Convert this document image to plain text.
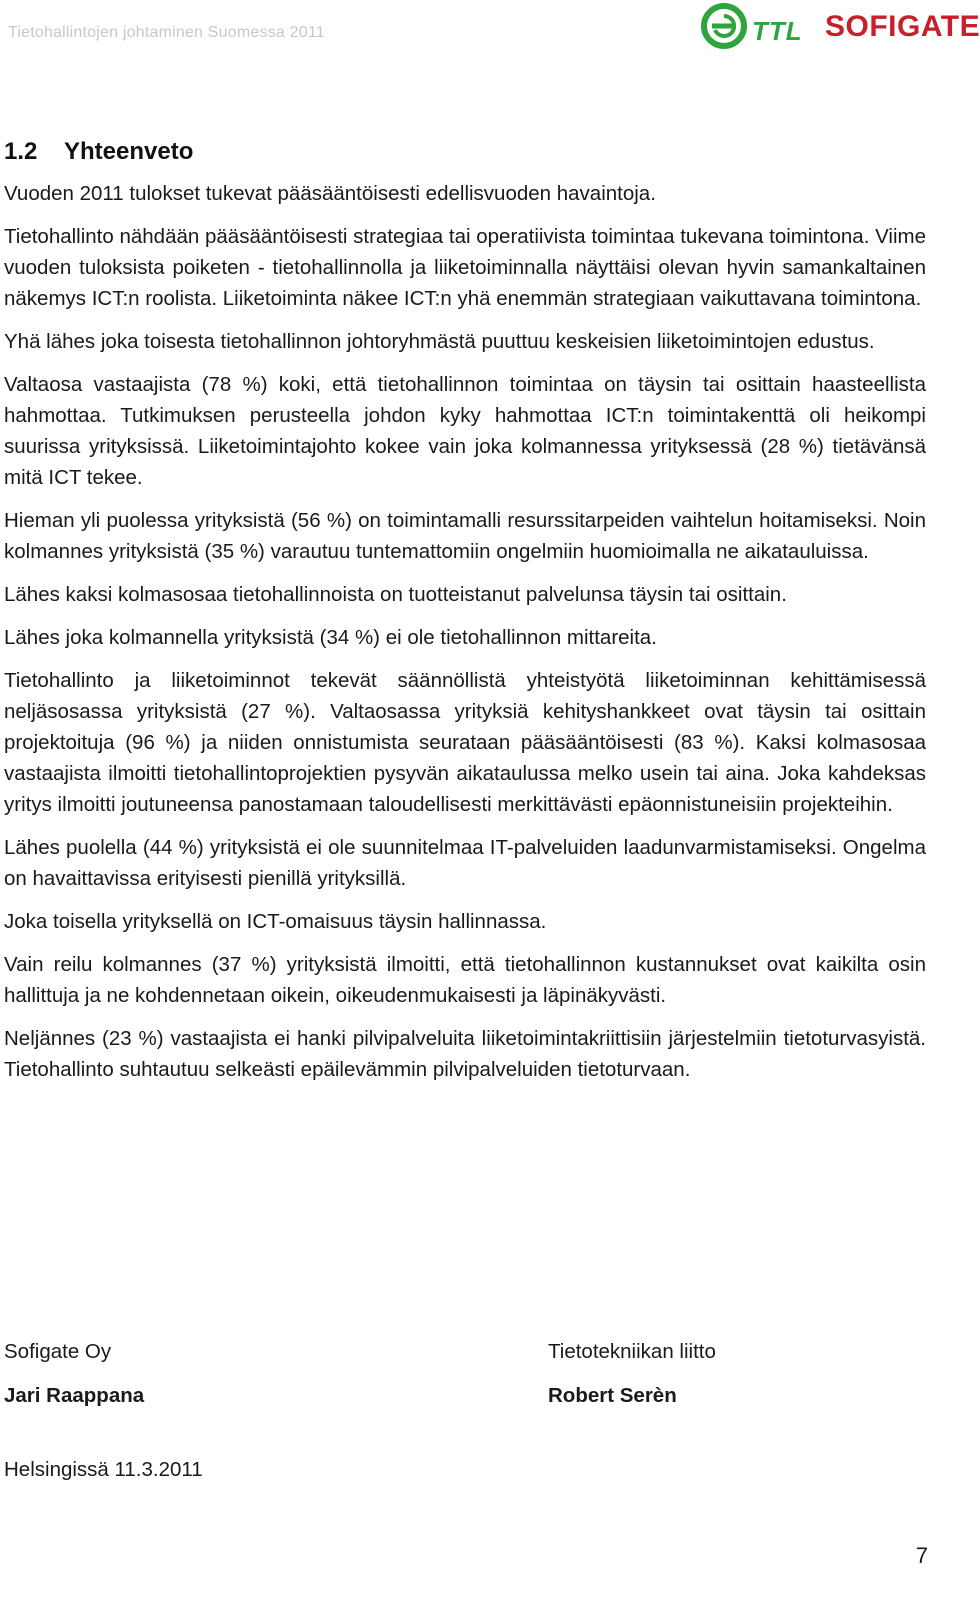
Tietohallintojen johtaminen Suomessa 2011	TTL SOFIGATE
1.2 Yhteenveto

Vuoden 2011 tulokset tukevat pääsääntöisesti edellisvuoden havaintoja.

Tietohallinto nähdään pääsääntöisesti strategiaa tai operatiivista toimintaa tukevana toimintona. Viime vuoden tuloksista poiketen - tietohallinnolla ja liiketoiminnalla näyttäisi olevan hyvin samankaltainen näkemys ICT:n roolista. Liiketoiminta näkee ICT:n yhä enemmän strategiaan vaikuttavana toimintona.

Yhä lähes joka toisesta tietohallinnon johtoryhmästä puuttuu keskeisien liiketoimintojen edustus.

Valtaosa vastaajista (78 %) koki, että tietohallinnon toimintaa on täysin tai osittain haasteellista hahmottaa. Tutkimuksen perusteella johdon kyky hahmottaa ICT:n toimintakenttä oli heikompi suurissa yrityksissä. Liiketoimintajohto kokee vain joka kolmannessa yrityksessä (28 %) tietävänsä mitä ICT tekee.

Hieman yli puolessa yrityksistä (56 %) on toimintamalli resurssitarpeiden vaihtelun hoitamiseksi. Noin kolmannes yrityksistä (35 %) varautuu tuntemattomiin ongelmiin huomioimalla ne aikatauluissa.

Lähes kaksi kolmasosaa tietohallinnoista on tuotteistanut palvelunsa täysin tai osittain.

Lähes joka kolmannella yrityksistä (34 %) ei ole tietohallinnon mittareita.

Tietohallinto ja liiketoiminnot tekevät säännöllistä yhteistyötä liiketoiminnan kehittämisessä neljäsosassa yrityksistä (27 %). Valtaosassa yrityksiä kehityshankkeet ovat täysin tai osittain projektoituja (96 %) ja niiden onnistumista seurataan pääsääntöisesti (83 %). Kaksi kolmasosaa vastaajista ilmoitti tietohallintoprojektien pysyvän aikataulussa melko usein tai aina. Joka kahdeksas yritys ilmoitti joutuneensa panostamaan taloudellisesti merkittävästi epäonnistuneisiin projekteihin.

Lähes puolella (44 %) yrityksistä ei ole suunnitelmaa IT-palveluiden laadunvarmistamiseksi. Ongelma on havaittavissa erityisesti pienillä yrityksillä.

Joka toisella yrityksellä on ICT-omaisuus täysin hallinnassa.

Vain reilu kolmannes (37 %) yrityksistä ilmoitti, että tietohallinnon kustannukset ovat kaikilta osin hallittuja ja ne kohdennetaan oikein, oikeudenmukaisesti ja läpinäkyvästi.

Neljännes (23 %) vastaajista ei hanki pilvipalveluita liiketoimintakriittisiin järjestelmiin tietoturvasyistä. Tietohallinto suhtautuu selkeästi epäilevämmin pilvipalveluiden tietoturvaan.

Sofigate Oy

Jari Raappana

Tietotekniikan liitto

Robert Serèn

Helsingissä 11.3.2011

7
